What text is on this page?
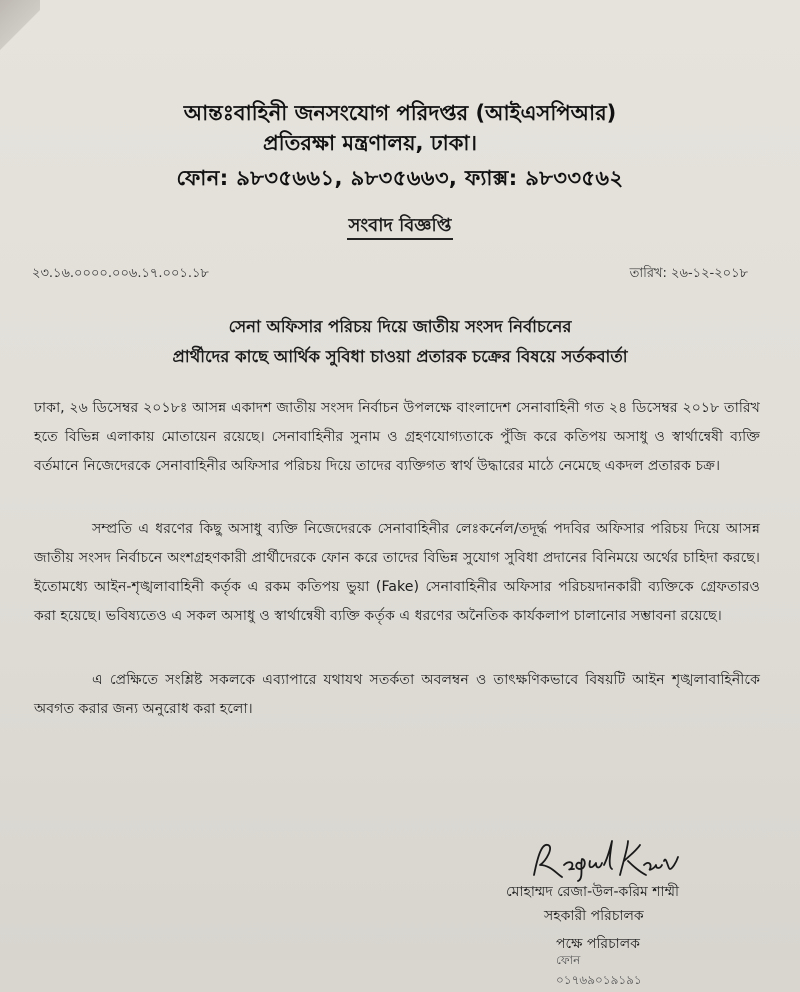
আন্তঃবাহিনী জনসংযোগ পরিদপ্তর (আইএসপিআর)
প্রতিরক্ষা মন্ত্রণালয়, ঢাকা।
ফোন: ৯৮৩৫৬৬১, ৯৮৩৫৬৬৩, ফ্যাক্স: ৯৮৩৩৫৬২
সংবাদ বিজ্ঞপ্তি
২৩.১৬.০০০০.০০৬.১৭.০০১.১৮	তারিখ: ২৬-১২-২০১৮
সেনা অফিসার পরিচয় দিয়ে জাতীয় সংসদ নির্বাচনের
প্রার্থীদের কাছে আর্থিক সুবিধা চাওয়া প্রতারক চক্রের বিষয়ে সর্তকবার্তা

ঢাকা, ২৬ ডিসেম্বর ২০১৮ঃ আসন্ন একাদশ জাতীয় সংসদ নির্বাচন উপলক্ষে বাংলাদেশ সেনাবাহিনী গত ২৪ ডিসেম্বর ২০১৮ তারিখ হতে বিভিন্ন এলাকায় মোতায়েন রয়েছে। সেনাবাহিনীর সুনাম ও গ্রহণযোগ্যতাকে পুঁজি করে কতিপয় অসাধু ও স্বার্থান্বেষী ব্যক্তি বর্তমানে নিজেদেরকে সেনাবাহিনীর অফিসার পরিচয় দিয়ে তাদের ব্যক্তিগত স্বার্থ উদ্ধারের মাঠে নেমেছে একদল প্রতারক চক্র।

সম্প্রতি এ ধরণের কিছু অসাধু ব্যক্তি নিজেদেরকে সেনাবাহিনীর লেঃকর্নেল/তদূর্দ্ধ পদবির অফিসার পরিচয় দিয়ে আসন্ন জাতীয় সংসদ নির্বাচনে অংশগ্রহণকারী প্রার্থীদেরকে ফোন করে তাদের বিভিন্ন সুযোগ সুবিধা প্রদানের বিনিময়ে অর্থের চাহিদা করছে। ইতোমধ্যে আইন-শৃঙ্খলাবাহিনী কর্তৃক এ রকম কতিপয় ভুয়া (Fake) সেনাবাহিনীর অফিসার পরিচয়দানকারী ব্যক্তিকে গ্রেফতারও করা হয়েছে। ভবিষ্যতেও এ সকল অসাধু ও স্বার্থান্বেষী ব্যক্তি কর্তৃক এ ধরণের অনৈতিক কার্যকলাপ চালানোর সম্ভাবনা রয়েছে।

এ প্রেক্ষিতে সংশ্লিষ্ট সকলকে এব্যাপারে যথাযথ সতর্কতা অবলম্বন ও তাৎক্ষণিকভাবে বিষয়টি আইন শৃঙ্খলাবাহিনীকে অবগত করার জন্য অনুরোধ করা হলো।

মোহাম্মদ রেজা-উল-করিম শাম্মী
সহকারী পরিচালক
পক্ষে পরিচালক
ফোন ০১৭৬৯০১৯১৯১
